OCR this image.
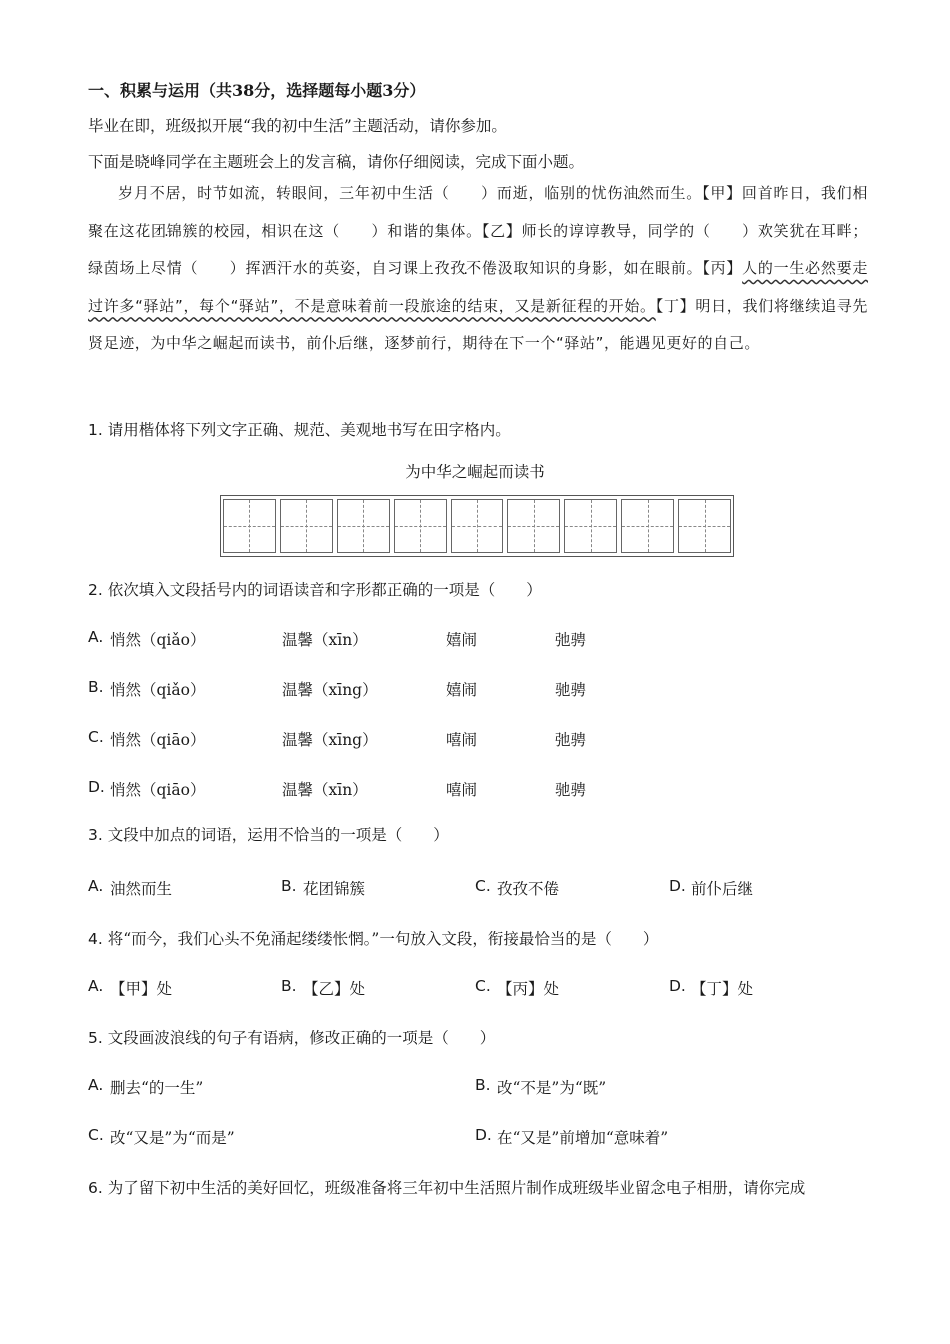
一、积累与运用（共38分，选择题每小题3分）
毕业在即，班级拟开展“我的初中生活”主题活动，请你参加。
下面是晓峰同学在主题班会上的发言稿，请你仔细阅读，完成下面小题。
岁月不居，时节如流，转眼间，三年初中生活（　　）而逝，临别的忧伤油然 .而生。【甲】回首昨日，我们相聚在这花团锦簇 .的校园，相识在这（　　）和谐的集体。【乙】师长的谆谆教导，同学的（　　）欢笑犹在耳畔；绿茵场上尽情（　　）挥洒汗水的英姿，自习课上孜孜不倦 .汲取知识的身影，如在眼前。【丙】人的一生必然要走过许多“驿站”，每个“驿站”，不是意味着前一段旅途的结束，又是新征程的开始。【丁】明日，我们将继续追寻先贤足迹，为中华之崛起而读书，前仆后继 .，逐梦前行，期待在下一个“驿站”，能遇见更好的自己。
1. 请用楷体将下列文字正确、规范、美观地书写在田字格内。
为中华之崛起而读书
2. 依次填入文段括号内的词语读音和字形都正确的一项是（　　）
A. 悄然（qiǎo）	温馨（xīn）	嬉闹	弛骋
B. 悄然（qiǎo）	温馨（xīng）	嬉闹	驰骋
C. 悄然（qiāo）	温馨（xīng）	嘻闹	弛骋
D. 悄然（qiāo）	温馨（xīn）	嘻闹	驰骋
3. 文段中加点的词语，运用不恰当的一项是（　　）
A. 油然而生	B. 花团锦簇	C. 孜孜不倦	D. 前仆后继
4. 将“而今，我们心头不免涌起缕缕怅惘。”一句放入文段，衔接最恰当的是（　　）
A. 【甲】处	B. 【乙】处	C. 【丙】处	D. 【丁】处
5. 文段画波浪线的句子有语病，修改正确的一项是（　　）
A. 删去“的一生”	B. 改“不是”为“既”
C. 改“又是”为“而是”	D. 在“又是”前增加“意味着”
6. 为了留下初中生活的美好回忆，班级准备将三年初中生活照片制作成班级毕业留念电子相册，请你完成
